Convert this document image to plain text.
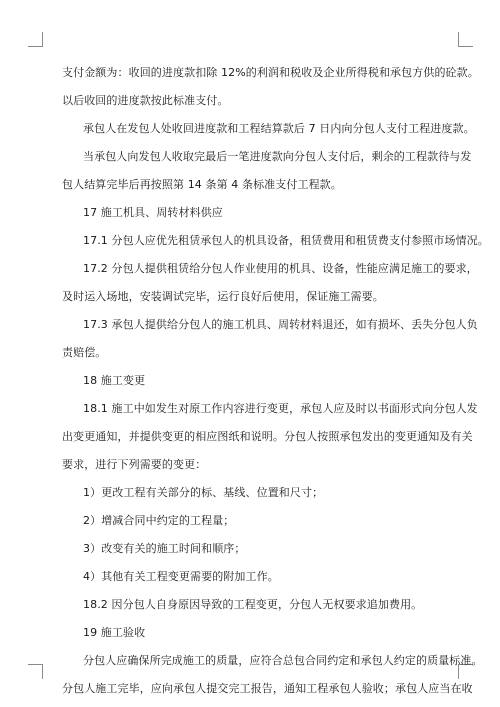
支付金额为：收回的进度款扣除 12%的利润和税收及企业所得税和承包方供的砼款。

以后收回的进度款按此标准支付。

承包人在发包人处收回进度款和工程结算款后 7 日内向分包人支付工程进度款。

当承包人向发包人收取完最后一笔进度款向分包人支付后，剩余的工程款待与发

包人结算完毕后再按照第 14 条第 4 条标准支付工程款。

17 施工机具、周转材料供应

17.1 分包人应优先租赁承包人的机具设备，租赁费用和租赁费支付参照市场情况。

17.2 分包人提供租赁给分包人作业使用的机具、设备，性能应满足施工的要求，

及时运入场地，安装调试完毕，运行良好后使用，保证施工需要。

17.3 承包人提供给分包人的施工机具、周转材料退还，如有损坏、丢失分包人负

责赔偿。

18 施工变更

18.1 施工中如发生对原工作内容进行变更，承包人应及时以书面形式向分包人发

出变更通知，并提供变更的相应图纸和说明。分包人按照承包发出的变更通知及有关

要求，进行下列需要的变更：

1）更改工程有关部分的标、基线、位置和尺寸；

2）增减合同中约定的工程量；

3）改变有关的施工时间和顺序；

4）其他有关工程变更需要的附加工作。

18.2 因分包人自身原因导致的工程变更，分包人无权要求追加费用。

19 施工验收

分包人应确保所完成施工的质量，应符合总包合同约定和承包人约定的质量标准。

分包人施工完毕，应向承包人提交完工报告，通知工程承包人验收；承包人应当在收
